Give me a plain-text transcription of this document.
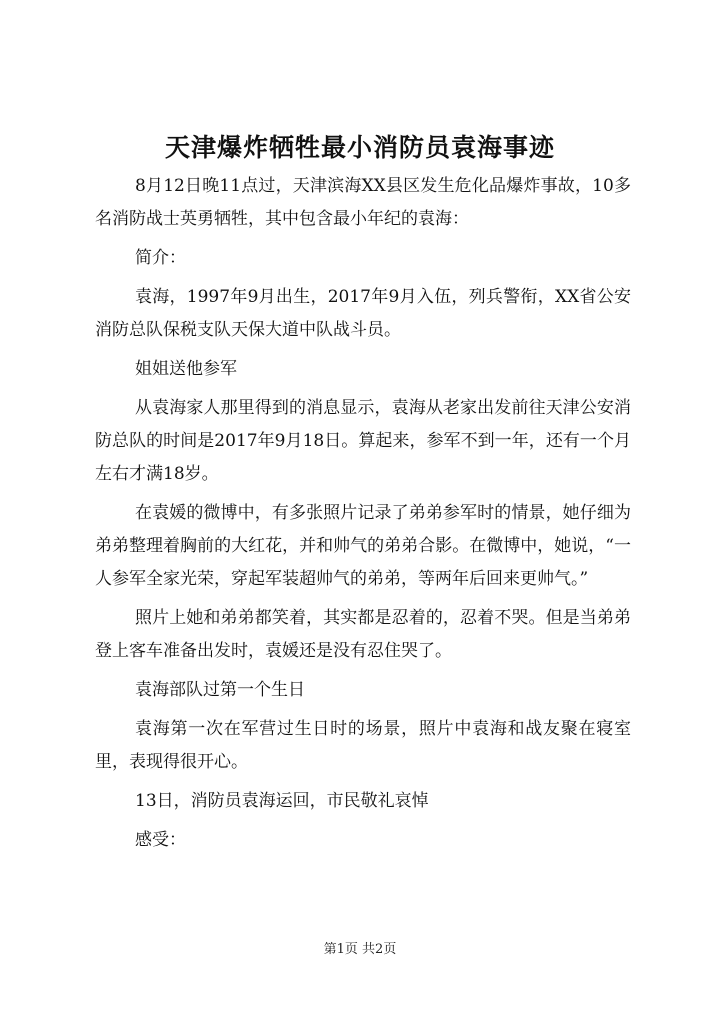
天津爆炸牺牲最小消防员袁海事迹

8月12日晚11点过，天津滨海XX县区发生危化品爆炸事故，10多名消防战士英勇牺牲，其中包含最小年纪的袁海：

简介：

袁海，1997年9月出生，2017年9月入伍，列兵警衔，XX省公安消防总队保税支队天保大道中队战斗员。

姐姐送他参军

从袁海家人那里得到的消息显示，袁海从老家出发前往天津公安消防总队的时间是2017年9月18日。算起来，参军不到一年，还有一个月左右才满18岁。

在袁媛的微博中，有多张照片记录了弟弟参军时的情景，她仔细为弟弟整理着胸前的大红花，并和帅气的弟弟合影。在微博中，她说，“一人参军全家光荣，穿起军装超帅气的弟弟，等两年后回来更帅气。”

照片上她和弟弟都笑着，其实都是忍着的，忍着不哭。但是当弟弟登上客车准备出发时，袁媛还是没有忍住哭了。

袁海部队过第一个生日

袁海第一次在军营过生日时的场景，照片中袁海和战友聚在寝室里，表现得很开心。

13日，消防员袁海运回，市民敬礼哀悼

感受：

第1页 共2页
